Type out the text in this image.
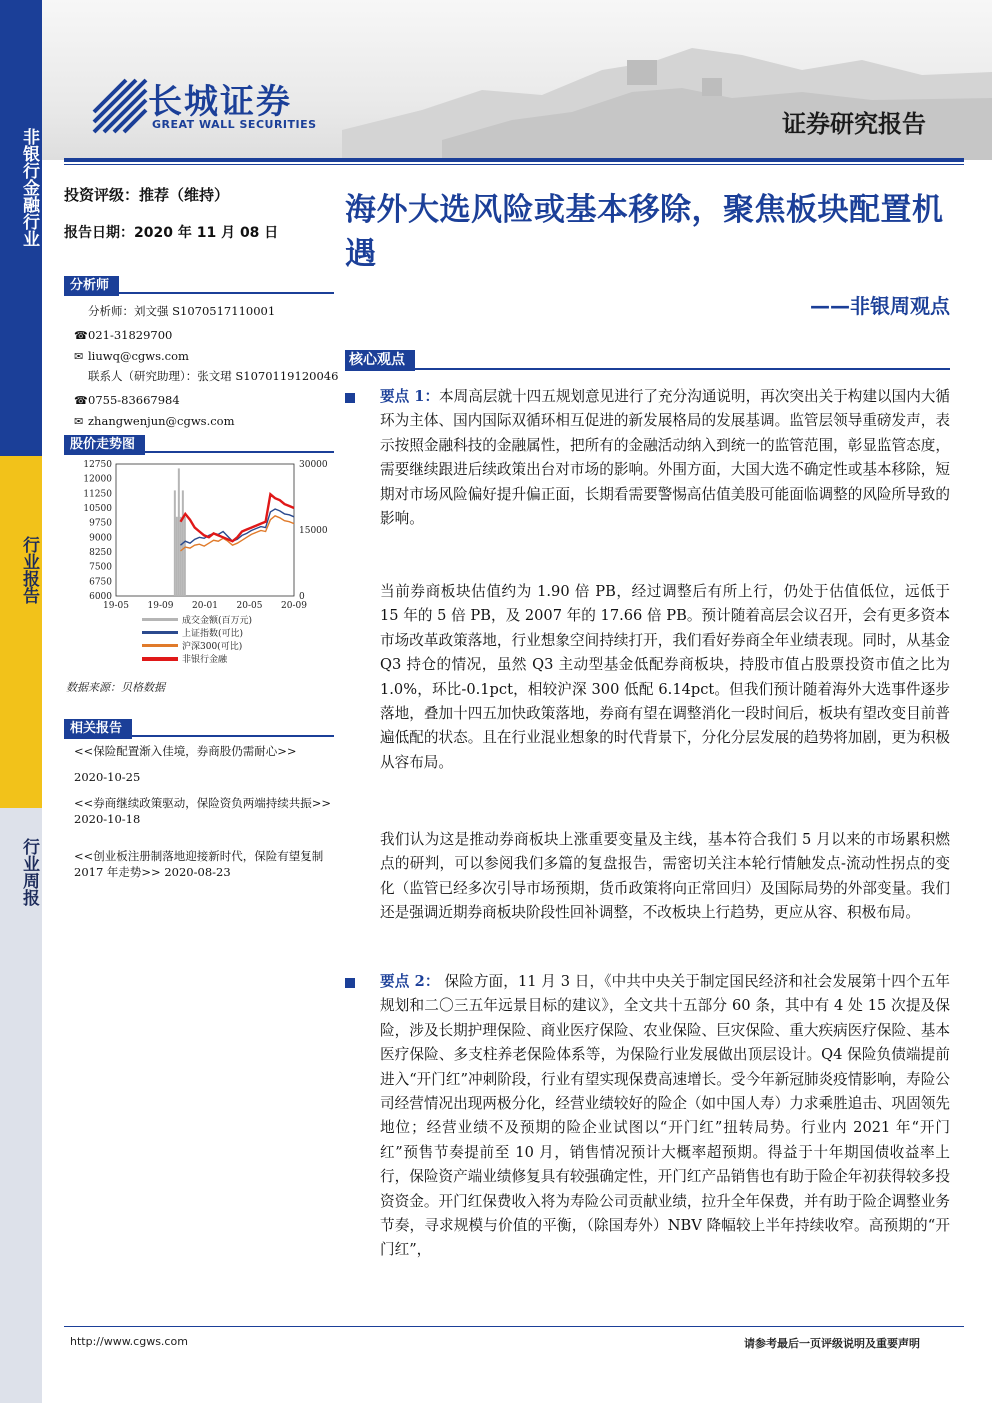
非银行金融行业
行业报告
行业周报
长城证券
GREAT WALL SECURITIES	证券研究报告
投资评级：推荐（维持）
报告日期：2020 年 11 月 08 日
分析师
分析师：刘文强 S1070517110001
☎021-31829700
✉ liuwq@cgws.com
联系人（研究助理）：张文珺 S1070119120046
☎0755-83667984
✉ zhangwenjun@cgws.com
股价走势图
6000
6750
7500
8250
9000
9750
10500
11250
12000
12750
0
15000
30000
19-05 19-09 20-01 20-05 20-09
成交金额(百万元)
上证指数(可比)
沪深300(可比)
非银行金融
数据来源：贝格数据
相关报告
<<保险配置渐入佳境，券商股仍需耐心>>
2020-10-25
<<券商继续政策驱动，保险资负两端持续共振>>
2020-10-18
<<创业板注册制落地迎接新时代，保险有望复制 2017 年走势>> 2020-08-23
海外大选风险或基本移除，聚焦板块配置机遇
——非银周观点
核心观点
要点 1：本周高层就十四五规划意见进行了充分沟通说明，再次突出关于构建以国内大循环为主体、国内国际双循环相互促进的新发展格局的发展基调。监管层领导重磅发声，表示按照金融科技的金融属性，把所有的金融活动纳入到统一的监管范围，彰显监管态度，需要继续跟进后续政策出台对市场的影响。外围方面，大国大选不确定性或基本移除，短期对市场风险偏好提升偏正面，长期看需要警惕高估值美股可能面临调整的风险所导致的影响。
当前券商板块估值约为 1.90 倍 PB，经过调整后有所上行，仍处于估值低位，远低于 15 年的 5 倍 PB，及 2007 年的 17.66 倍 PB。预计随着高层会议召开，会有更多资本市场改革政策落地，行业想象空间持续打开，我们看好券商全年业绩表现。同时，从基金 Q3 持仓的情况，虽然 Q3 主动型基金低配券商板块，持股市值占股票投资市值之比为 1.0%，环比-0.1pct，相较沪深 300 低配 6.14pct。但我们预计随着海外大选事件逐步落地，叠加十四五加快政策落地，券商有望在调整消化一段时间后，板块有望改变目前普遍低配的状态。且在行业混业想象的时代背景下，分化分层发展的趋势将加剧，更为积极从容布局。
我们认为这是推动券商板块上涨重要变量及主线，基本符合我们 5 月以来的市场累积燃点的研判，可以参阅我们多篇的复盘报告，需密切关注本轮行情触发点-流动性拐点的变化（监管已经多次引导市场预期，货币政策将向正常回归）及国际局势的外部变量。我们还是强调近期券商板块阶段性回补调整，不改板块上行趋势，更应从容、积极布局。
要点 2： 保险方面，11 月 3 日，《中共中央关于制定国民经济和社会发展第十四个五年规划和二〇三五年远景目标的建议》，全文共十五部分 60 条，其中有 4 处 15 次提及保险，涉及长期护理保险、商业医疗保险、农业保险、巨灾保险、重大疾病医疗保险、基本医疗保险、多支柱养老保险体系等，为保险行业发展做出顶层设计。Q4 保险负债端提前进入“开门红”冲刺阶段，行业有望实现保费高速增长。受今年新冠肺炎疫情影响，寿险公司经营情况出现两极分化，经营业绩较好的险企（如中国人寿）力求乘胜追击、巩固领先地位；经营业绩不及预期的险企业试图以“开门红”扭转局势。行业内 2021 年“开门红”预售节奏提前至 10 月，销售情况预计大概率超预期。得益于十年期国债收益率上行，保险资产端业绩修复具有较强确定性，开门红产品销售也有助于险企年初获得较多投资资金。开门红保费收入将为寿险公司贡献业绩，拉升全年保费，并有助于险企调整业务节奏，寻求规模与价值的平衡，（除国寿外）NBV 降幅较上半年持续收窄。高预期的“开门红”，
http://www.cgws.com	请参考最后一页评级说明及重要声明
